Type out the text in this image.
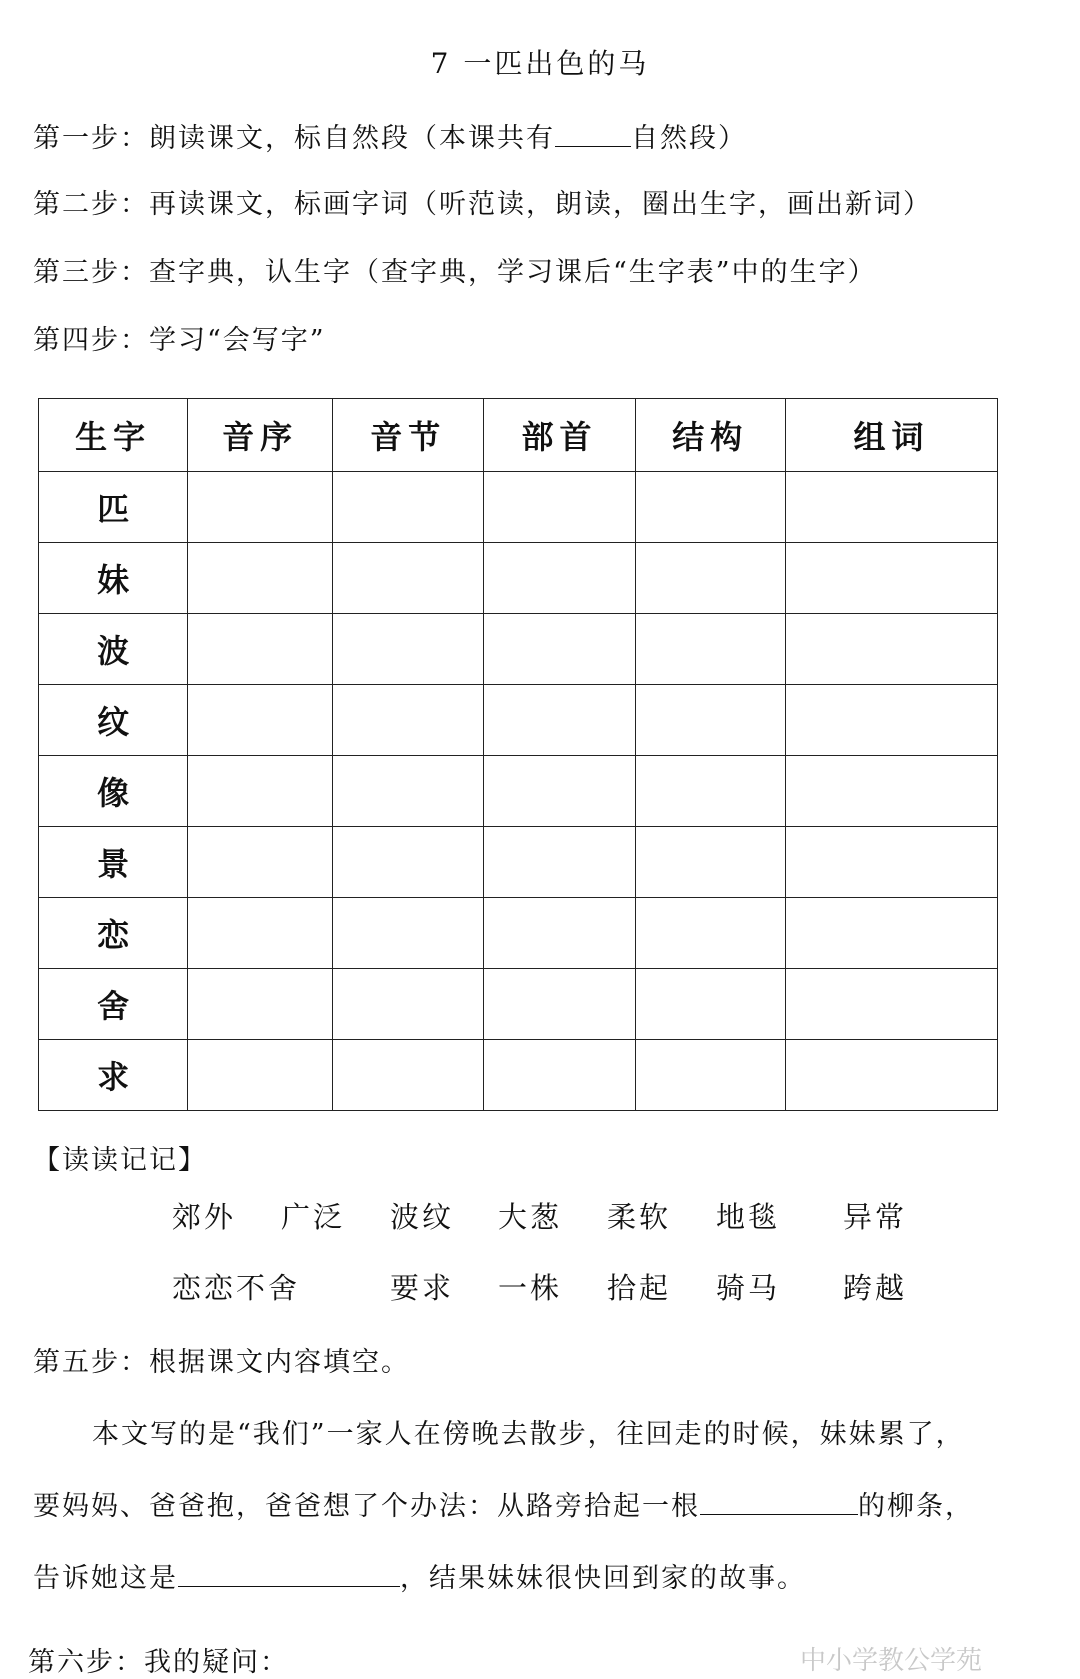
7 一匹出色的马
第一步：朗读课文，标自然段（本课共有	自然段）
第二步：再读课文，标画字词（听范读，朗读，圈出生字，画出新词）
第三步：查字典，认生字（查字典，学习课后“生字表”中的生字）
第四步：学习“会写字”
生字	音序	音节	部首	结构	组词
匹					
妹					
波					
纹					
像					
景					
恋					
舍					
求					
【读读记记】
郊外 广泛 波纹 大葱 柔软 地毯 异常
恋恋不舍	要求 一株 拾起 骑马 跨越
第五步：根据课文内容填空。
本文写的是“我们”一家人在傍晚去散步，往回走的时候，妹妹累了，
要妈妈、爸爸抱，爸爸想了个办法：从路旁拾起一根	的柳条，
告诉她这是	，结果妹妹很快回到家的故事。
第六步：我的疑问：	中小学教公学苑
